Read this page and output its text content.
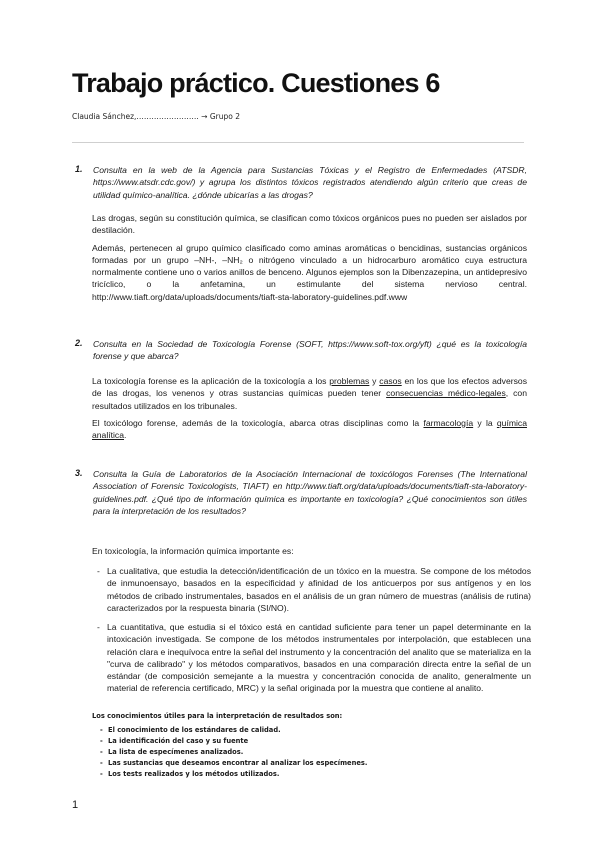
Trabajo práctico. Cuestiones 6
Claudia Sánchez,……………………. → Grupo 2
1. Consulta en la web de la Agencia para Sustancias Tóxicas y el Registro de Enfermedades (ATSDR, https://www.atsdr.cdc.gov/) y agrupa los distintos tóxicos registrados atendiendo algún criterio que creas de utilidad químico-analítica. ¿dónde ubicarías a las drogas?

Las drogas, según su constitución química, se clasifican como tóxicos orgánicos pues no pueden ser aislados por destilación.

Además, pertenecen al grupo químico clasificado como aminas aromáticas o bencidinas, sustancias orgánicos formadas por un grupo –NH-, –NH₂ o nitrógeno vinculado a un hidrocarburo aromático cuya estructura normalmente contiene uno o varios anillos de benceno. Algunos ejemplos son la Dibenzazepina, un antidepresivo tricíclico, o la anfetamina, un estimulante del sistema nervioso central. http://www.tiaft.org/data/uploads/documents/tiaft-sta-laboratory-guidelines.pdf.www

2. Consulta en la Sociedad de Toxicología Forense (SOFT, https://www.soft-tox.org/yft) ¿qué es la toxicología forense y que abarca?

La toxicología forense es la aplicación de la toxicología a los problemas y casos en los que los efectos adversos de las drogas, los venenos y otras sustancias químicas pueden tener consecuencias médico-legales, con resultados utilizados en los tribunales.

El toxicólogo forense, además de la toxicología, abarca otras disciplinas como la farmacología y la química analítica.

3. Consulta la Guía de Laboratorios de la Asociación Internacional de toxicólogos Forenses (The International Association of Forensic Toxicologists, TIAFT) en http://www.tiaft.org/data/uploads/documents/tiaft-sta-laboratory-guidelines.pdf. ¿Qué tipo de información química es importante en toxicología? ¿Qué conocimientos son útiles para la interpretación de los resultados?
En toxicología, la información química importante es:
- La cualitativa, que estudia la detección/identificación de un tóxico en la muestra. Se compone de los métodos de inmunoensayo, basados en la especificidad y afinidad de los anticuerpos por sus antígenos y en los métodos de cribado instrumentales, basados en el análisis de un gran número de muestras (análisis de rutina) caracterizados por la respuesta binaria (SI/NO).
- La cuantitativa, que estudia si el tóxico está en cantidad suficiente para tener un papel determinante en la intoxicación investigada. Se compone de los métodos instrumentales por interpolación, que establecen una relación clara e inequívoca entre la señal del instrumento y la concentración del analito que se materializa en la "curva de calibrado" y los métodos comparativos, basados en una comparación directa entre la señal de un estándar (de composición semejante a la muestra y concentración conocida de analito, generalmente un material de referencia certificado, MRC) y la señal originada por la muestra que contiene al analito.
Los conocimientos útiles para la interpretación de resultados son:
- El conocimiento de los estándares de calidad.
- La identificación del caso y su fuente
- La lista de especímenes analizados.
- Las sustancias que deseamos encontrar al analizar los especímenes.
- Los tests realizados y los métodos utilizados.
1
